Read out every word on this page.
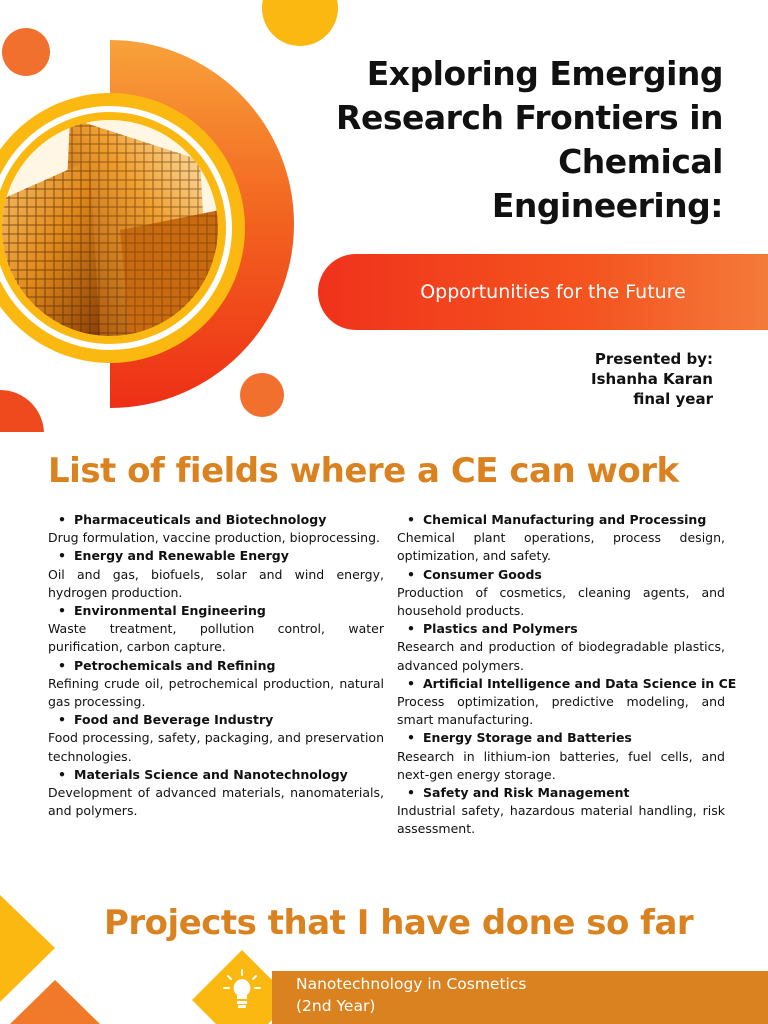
Exploring Emerging
Research Frontiers in
Chemical
Engineering:
Opportunities for the Future
Presented by:
Ishanha Karan
final year
List of fields where a CE can work
• Pharmaceuticals and Biotechnology
Drug formulation, vaccine production, bioprocessing.
• Energy and Renewable Energy
Oil and gas, biofuels, solar and wind energy, hydrogen production.
• Environmental Engineering
Waste treatment, pollution control, water purification, carbon capture.
• Petrochemicals and Refining
Refining crude oil, petrochemical production, natural gas processing.
• Food and Beverage Industry
Food processing, safety, packaging, and preservation technologies.
• Materials Science and Nanotechnology
Development of advanced materials, nanomaterials, and polymers.
• Chemical Manufacturing and Processing
Chemical plant operations, process design, optimization, and safety.
• Consumer Goods
Production of cosmetics, cleaning agents, and household products.
• Plastics and Polymers
Research and production of biodegradable plastics, advanced polymers.
• Artificial Intelligence and Data Science in CE
Process optimization, predictive modeling, and smart manufacturing.
• Energy Storage and Batteries
Research in lithium-ion batteries, fuel cells, and next-gen energy storage.
• Safety and Risk Management
Industrial safety, hazardous material handling, risk assessment.
Projects that I have done so far
Nanotechnology in Cosmetics
(2nd Year)
